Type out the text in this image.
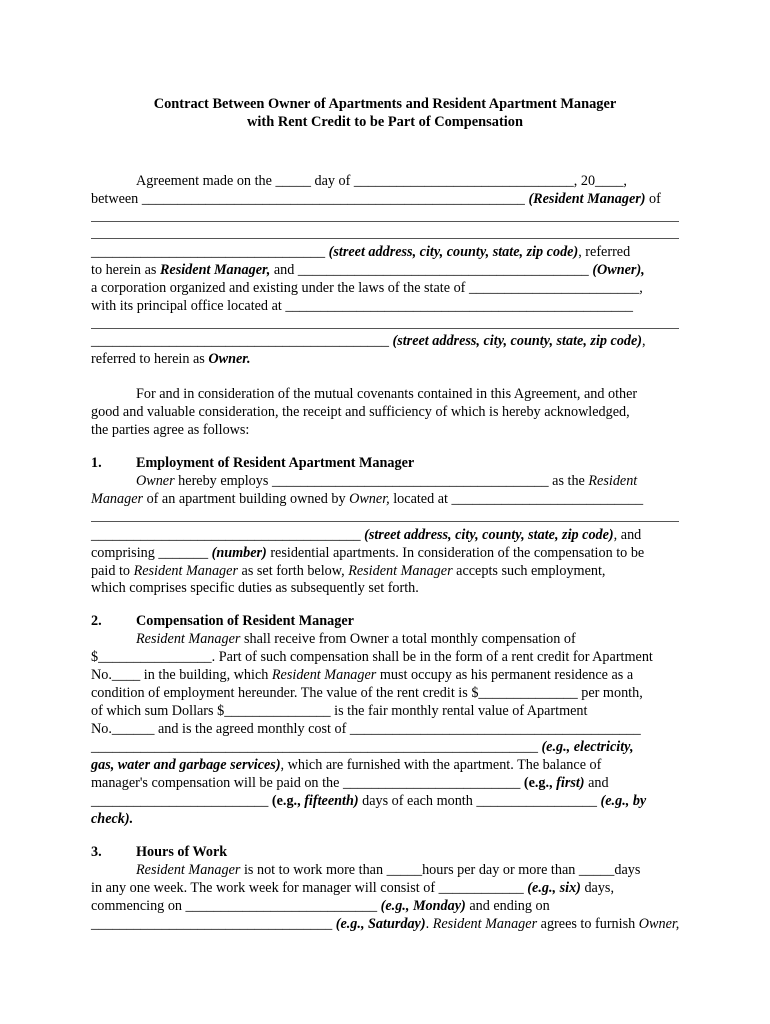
Contract Between Owner of Apartments and Resident Apartment Manager
with Rent Credit to be Part of Compensation
Agreement made on the _____ day of _______________________________, 20____,
between ______________________________________________________ (Resident Manager) of
_________________________________ (street address, city, county, state, zip code), referred
to herein as Resident Manager, and _________________________________________ (Owner),
a corporation organized and existing under the laws of the state of ________________________,
with its principal office located at _________________________________________________
__________________________________________ (street address, city, county, state, zip code),
referred to herein as Owner.
For and in consideration of the mutual covenants contained in this Agreement, and other
good and valuable consideration, the receipt and sufficiency of which is hereby acknowledged,
the parties agree as follows:
1. Employment of Resident Apartment Manager
Owner hereby employs _______________________________________ as the Resident
Manager of an apartment building owned by Owner, located at ___________________________
______________________________________ (street address, city, county, state, zip code), and
comprising _______ (number) residential apartments. In consideration of the compensation to be
paid to Resident Manager as set forth below, Resident Manager accepts such employment,
which comprises specific duties as subsequently set forth.
2. Compensation of Resident Manager
Resident Manager shall receive from Owner a total monthly compensation of
$________________. Part of such compensation shall be in the form of a rent credit for Apartment
No.____ in the building, which Resident Manager must occupy as his permanent residence as a
condition of employment hereunder. The value of the rent credit is $______________ per month,
of which sum Dollars $_______________ is the fair monthly rental value of Apartment
No.______ and is the agreed monthly cost of _________________________________________
_______________________________________________________________ (e.g., electricity,
gas, water and garbage services), which are furnished with the apartment. The balance of
manager's compensation will be paid on the _________________________ (e.g., first) and
_________________________ (e.g., fifteenth) days of each month _________________ (e.g., by
check).
3. Hours of Work
Resident Manager is not to work more than _____hours per day or more than _____days
in any one week. The work week for manager will consist of ____________ (e.g., six) days,
commencing on ___________________________ (e.g., Monday) and ending on
__________________________________ (e.g., Saturday). Resident Manager agrees to furnish Owner,
